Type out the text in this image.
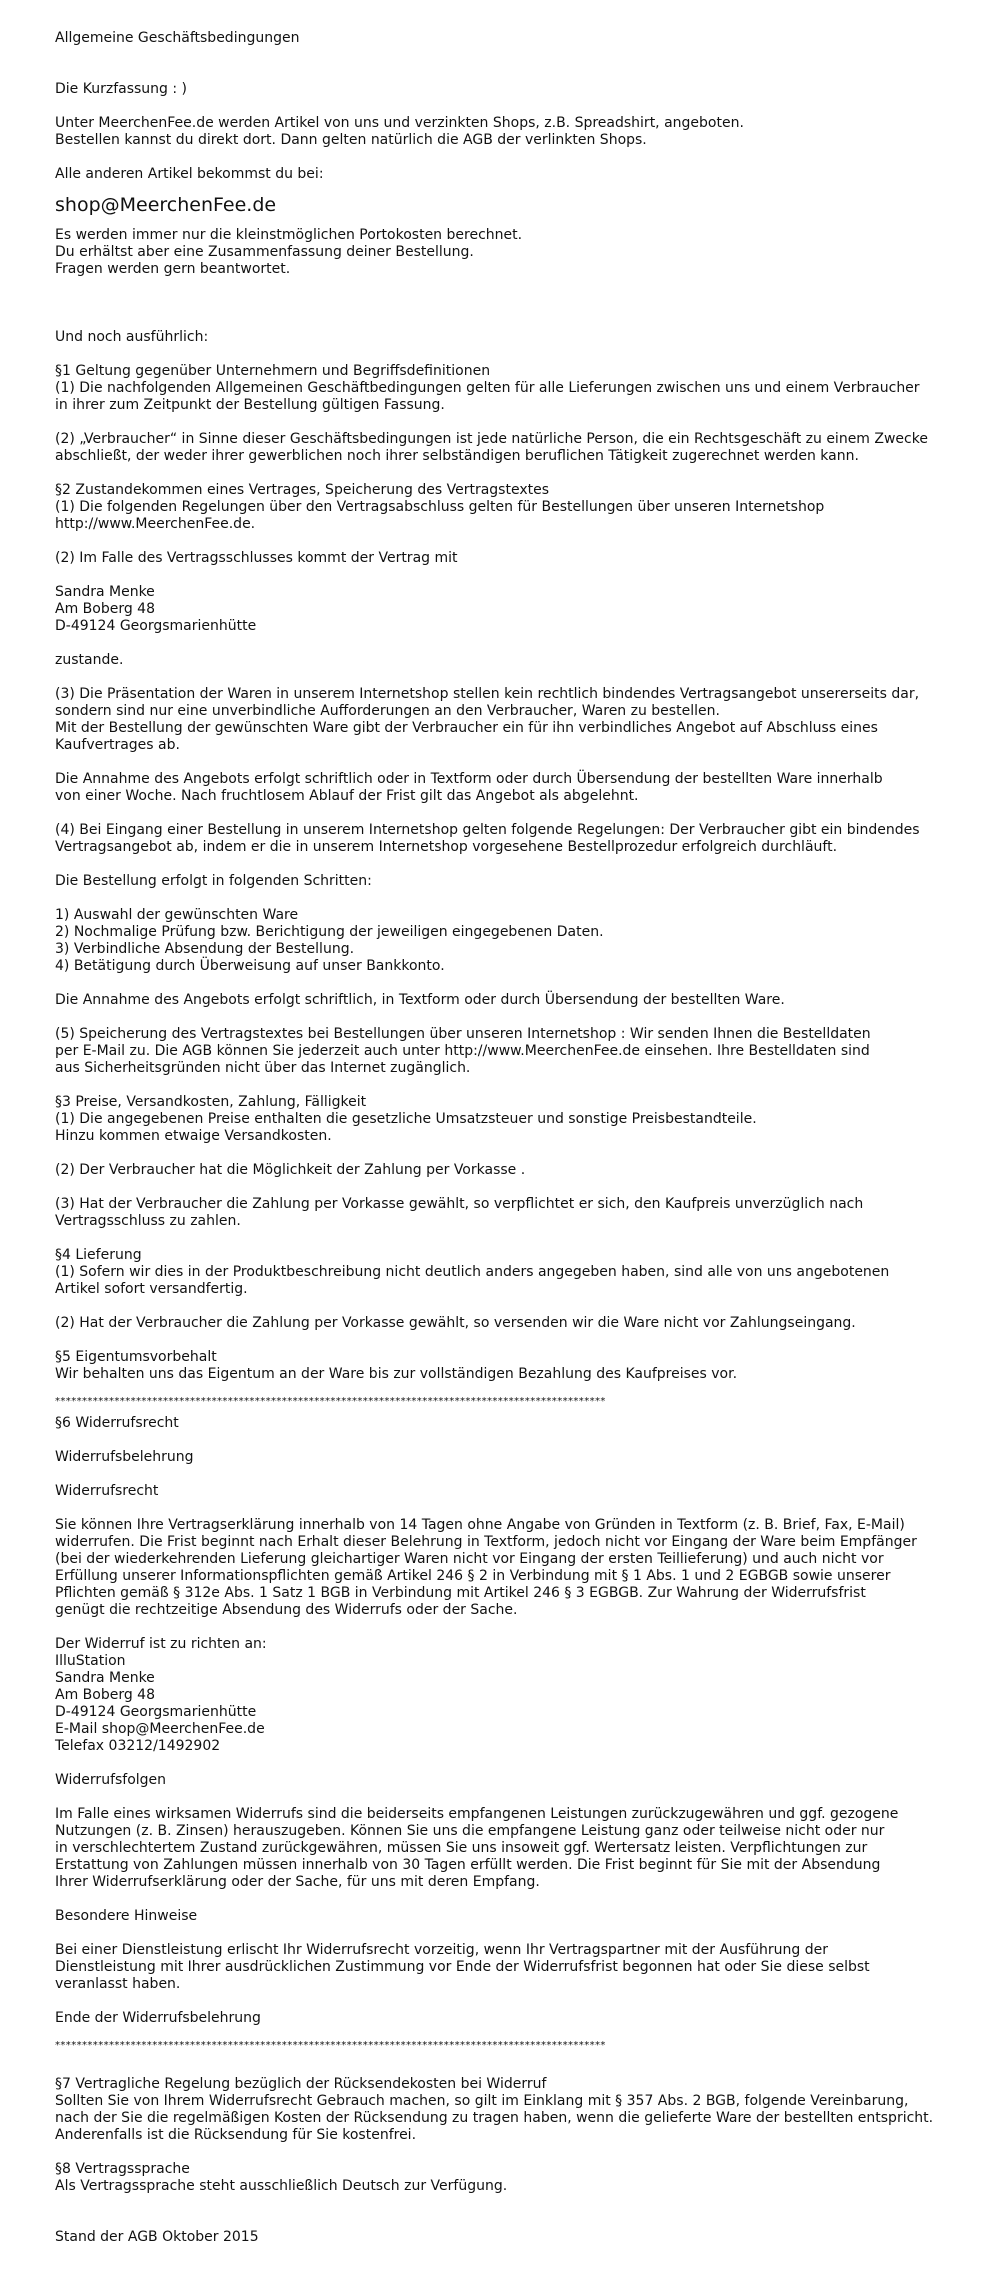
Allgemeine Geschäftsbedingungen

Die Kurzfassung : )

Unter MeerchenFee.de werden Artikel von uns und verzinkten Shops, z.B. Spreadshirt, angeboten.
Bestellen kannst du direkt dort. Dann gelten natürlich die AGB der verlinkten Shops.

Alle anderen Artikel bekommst du bei:

shop@MeerchenFee.de

Es werden immer nur die kleinstmöglichen Portokosten berechnet.
Du erhältst aber eine Zusammenfassung deiner Bestellung.
Fragen werden gern beantwortet.

Und noch ausführlich:

§1 Geltung gegenüber Unternehmern und Begriffsdefinitionen
(1) Die nachfolgenden Allgemeinen Geschäftbedingungen gelten für alle Lieferungen zwischen uns und einem Verbraucher
in ihrer zum Zeitpunkt der Bestellung gültigen Fassung.

(2) „Verbraucher“ in Sinne dieser Geschäftsbedingungen ist jede natürliche Person, die ein Rechtsgeschäft zu einem Zwecke
abschließt, der weder ihrer gewerblichen noch ihrer selbständigen beruflichen Tätigkeit zugerechnet werden kann.

§2 Zustandekommen eines Vertrages, Speicherung des Vertragstextes
(1) Die folgenden Regelungen über den Vertragsabschluss gelten für Bestellungen über unseren Internetshop
http://www.MeerchenFee.de.

(2) Im Falle des Vertragsschlusses kommt der Vertrag mit

Sandra Menke
Am Boberg 48
D-49124 Georgsmarienhütte

zustande.

(3) Die Präsentation der Waren in unserem Internetshop stellen kein rechtlich bindendes Vertragsangebot unsererseits dar,
sondern sind nur eine unverbindliche Aufforderungen an den Verbraucher, Waren zu bestellen.
Mit der Bestellung der gewünschten Ware gibt der Verbraucher ein für ihn verbindliches Angebot auf Abschluss eines
Kaufvertrages ab.

Die Annahme des Angebots erfolgt schriftlich oder in Textform oder durch Übersendung der bestellten Ware innerhalb
von einer Woche. Nach fruchtlosem Ablauf der Frist gilt das Angebot als abgelehnt.

(4) Bei Eingang einer Bestellung in unserem Internetshop gelten folgende Regelungen: Der Verbraucher gibt ein bindendes
Vertragsangebot ab, indem er die in unserem Internetshop vorgesehene Bestellprozedur erfolgreich durchläuft.

Die Bestellung erfolgt in folgenden Schritten:

1) Auswahl der gewünschten Ware
2) Nochmalige Prüfung bzw. Berichtigung der jeweiligen eingegebenen Daten.
3) Verbindliche Absendung der Bestellung.
4) Betätigung durch Überweisung auf unser Bankkonto.

Die Annahme des Angebots erfolgt schriftlich, in Textform oder durch Übersendung der bestellten Ware.

(5) Speicherung des Vertragstextes bei Bestellungen über unseren Internetshop : Wir senden Ihnen die Bestelldaten
per E-Mail zu. Die AGB können Sie jederzeit auch unter http://www.MeerchenFee.de einsehen. Ihre Bestelldaten sind
aus Sicherheitsgründen nicht über das Internet zugänglich.

§3 Preise, Versandkosten, Zahlung, Fälligkeit
(1) Die angegebenen Preise enthalten die gesetzliche Umsatzsteuer und sonstige Preisbestandteile.
Hinzu kommen etwaige Versandkosten.

(2) Der Verbraucher hat die Möglichkeit der Zahlung per Vorkasse .

(3) Hat der Verbraucher die Zahlung per Vorkasse gewählt, so verpflichtet er sich, den Kaufpreis unverzüglich nach
Vertragsschluss zu zahlen.

§4 Lieferung
(1) Sofern wir dies in der Produktbeschreibung nicht deutlich anders angegeben haben, sind alle von uns angebotenen
Artikel sofort versandfertig.

(2) Hat der Verbraucher die Zahlung per Vorkasse gewählt, so versenden wir die Ware nicht vor Zahlungseingang.

§5 Eigentumsvorbehalt
Wir behalten uns das Eigentum an der Ware bis zur vollständigen Bezahlung des Kaufpreises vor.

******************************************************************************************************

§6 Widerrufsrecht

Widerrufsbelehrung

Widerrufsrecht

Sie können Ihre Vertragserklärung innerhalb von 14 Tagen ohne Angabe von Gründen in Textform (z. B. Brief, Fax, E-Mail)
widerrufen. Die Frist beginnt nach Erhalt dieser Belehrung in Textform, jedoch nicht vor Eingang der Ware beim Empfänger
(bei der wiederkehrenden Lieferung gleichartiger Waren nicht vor Eingang der ersten Teillieferung) und auch nicht vor
Erfüllung unserer Informationspflichten gemäß Artikel 246 § 2 in Verbindung mit § 1 Abs. 1 und 2 EGBGB sowie unserer
Pflichten gemäß § 312e Abs. 1 Satz 1 BGB in Verbindung mit Artikel 246 § 3 EGBGB. Zur Wahrung der Widerrufsfrist
genügt die rechtzeitige Absendung des Widerrufs oder der Sache.

Der Widerruf ist zu richten an:
IlluStation
Sandra Menke
Am Boberg 48
D-49124 Georgsmarienhütte
E-Mail shop@MeerchenFee.de
Telefax 03212/1492902

Widerrufsfolgen

Im Falle eines wirksamen Widerrufs sind die beiderseits empfangenen Leistungen zurückzugewähren und ggf. gezogene
Nutzungen (z. B. Zinsen) herauszugeben. Können Sie uns die empfangene Leistung ganz oder teilweise nicht oder nur
in verschlechtertem Zustand zurückgewähren, müssen Sie uns insoweit ggf. Wertersatz leisten. Verpflichtungen zur
Erstattung von Zahlungen müssen innerhalb von 30 Tagen erfüllt werden. Die Frist beginnt für Sie mit der Absendung
Ihrer Widerrufserklärung oder der Sache, für uns mit deren Empfang.

Besondere Hinweise

Bei einer Dienstleistung erlischt Ihr Widerrufsrecht vorzeitig, wenn Ihr Vertragspartner mit der Ausführung der
Dienstleistung mit Ihrer ausdrücklichen Zustimmung vor Ende der Widerrufsfrist begonnen hat oder Sie diese selbst
veranlasst haben.

Ende der Widerrufsbelehrung

******************************************************************************************************

§7 Vertragliche Regelung bezüglich der Rücksendekosten bei Widerruf
Sollten Sie von Ihrem Widerrufsrecht Gebrauch machen, so gilt im Einklang mit § 357 Abs. 2 BGB, folgende Vereinbarung,
nach der Sie die regelmäßigen Kosten der Rücksendung zu tragen haben, wenn die gelieferte Ware der bestellten entspricht.
Anderenfalls ist die Rücksendung für Sie kostenfrei.

§8 Vertragssprache
Als Vertragssprache steht ausschließlich Deutsch zur Verfügung.

Stand der AGB Oktober 2015
